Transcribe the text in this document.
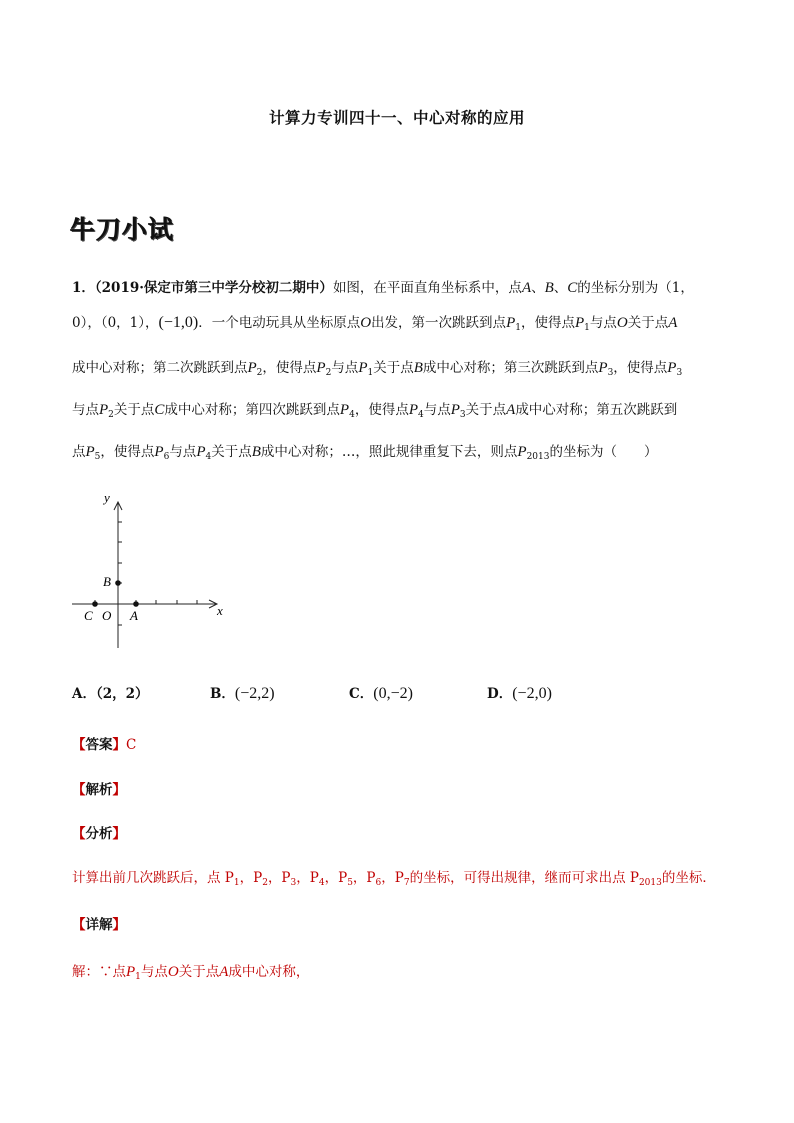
计算力专训四十一、中心对称的应用
牛刀小试
1．（2019·保定市第三中学分校初二期中）如图，在平面直角坐标系中，点A、B、C的坐标分别为（1，
0），（0，1），(−1,0)．一个电动玩具从坐标原点O出发，第一次跳跃到点$P_1$，使得点$P_1$与点O关于点A
成中心对称；第二次跳跃到点$P_2$，使得点$P_2$与点$P_1$关于点B成中心对称；第三次跳跃到点$P_3$，使得点$P_3$
与点$P_2$关于点C成中心对称；第四次跳跃到点$P_4$，使得点$P_4$与点$P_3$关于点A成中心对称；第五次跳跃到
点$P_5$，使得点$P_6$与点$P_4$关于点B成中心对称；…，照此规律重复下去，则点$P_{2013}$的坐标为（　　）
x
y
B
C O A
A．（2，2）	B．(−2,2)	C．(0,−2)	D．(−2,0)
【答案】C
【解析】
【分析】
计算出前几次跳跃后，点 $P_1$，$P_2$，$P_3$，$P_4$，$P_5$，$P_6$，$P_7$的坐标，可得出规律，继而可求出点 $P_{2013}$的坐标．
【详解】
解：∵点$P_1$与点O关于点A成中心对称，
